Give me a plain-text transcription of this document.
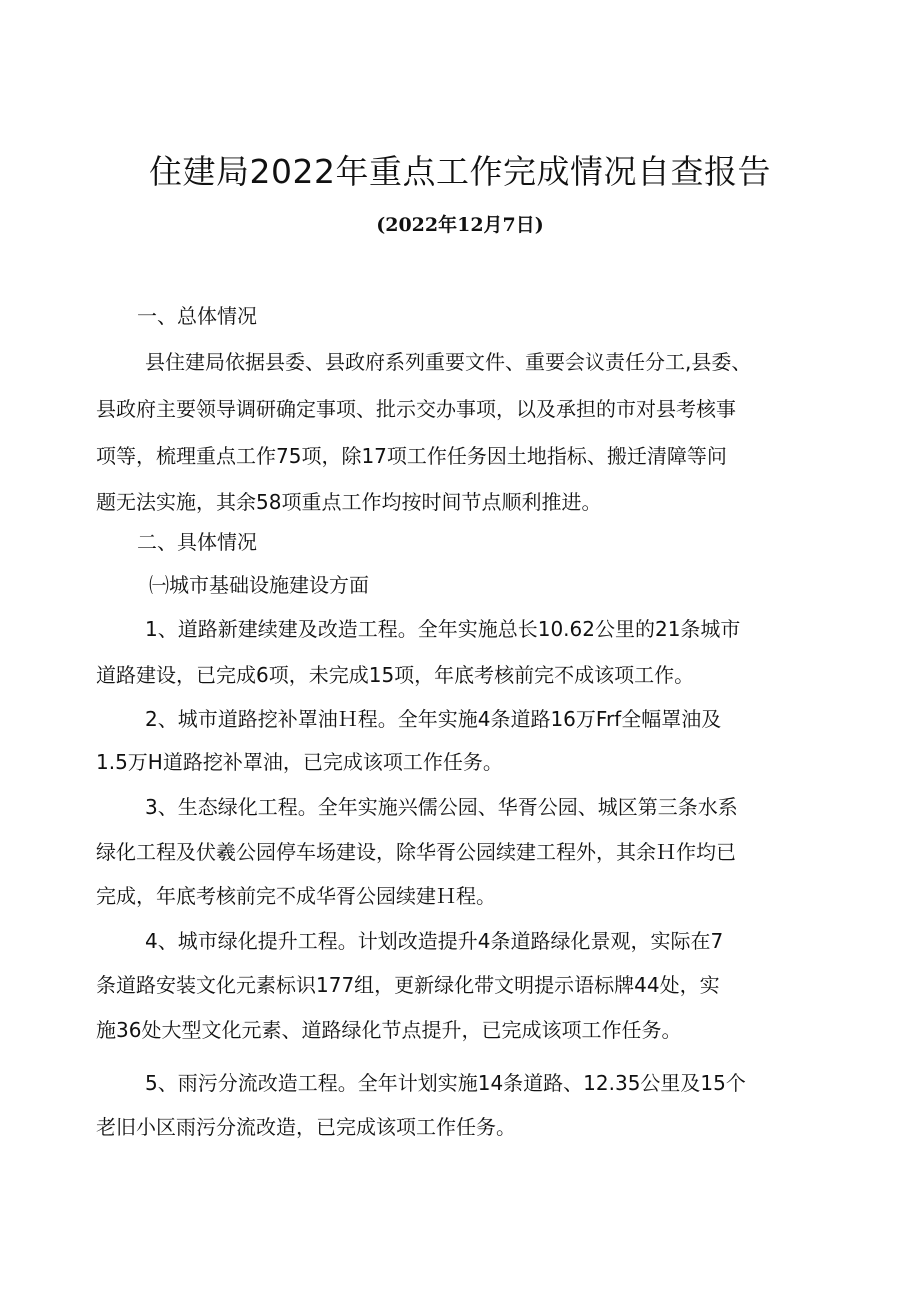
住建局2022年重点工作完成情况自查报告
(2022年12月7日)
一、总体情况
县住建局依据县委、县政府系列重要文件、重要会议责任分工,县委、
县政府主要领导调研确定事项、批示交办事项，以及承担的市对县考核事
项等，梳理重点工作75项，除17项工作任务因土地指标、搬迁清障等问
题无法实施，其余58项重点工作均按时间节点顺利推进。
二、具体情况
㈠城市基础设施建设方面
1、道路新建续建及改造工程。全年实施总长10.62公里的21条城市
道路建设，已完成6项，未完成15项，年底考核前完不成该项工作。
2、城市道路挖补罩油Ｈ程。全年实施4条道路16万Frf全幅罩油及
1.5万H道路挖补罩油，已完成该项工作任务。
3、生态绿化工程。全年实施兴儒公园、华胥公园、城区第三条水系
绿化工程及伏羲公园停车场建设，除华胥公园续建工程外，其余Ｈ作均已
完成，年底考核前完不成华胥公园续建Ｈ程。
4、城市绿化提升工程。计划改造提升4条道路绿化景观，实际在7
条道路安装文化元素标识177组，更新绿化带文明提示语标牌44处，实
施36处大型文化元素、道路绿化节点提升，已完成该项工作任务。
5、雨污分流改造工程。全年计划实施14条道路、12.35公里及15个
老旧小区雨污分流改造，已完成该项工作任务。
